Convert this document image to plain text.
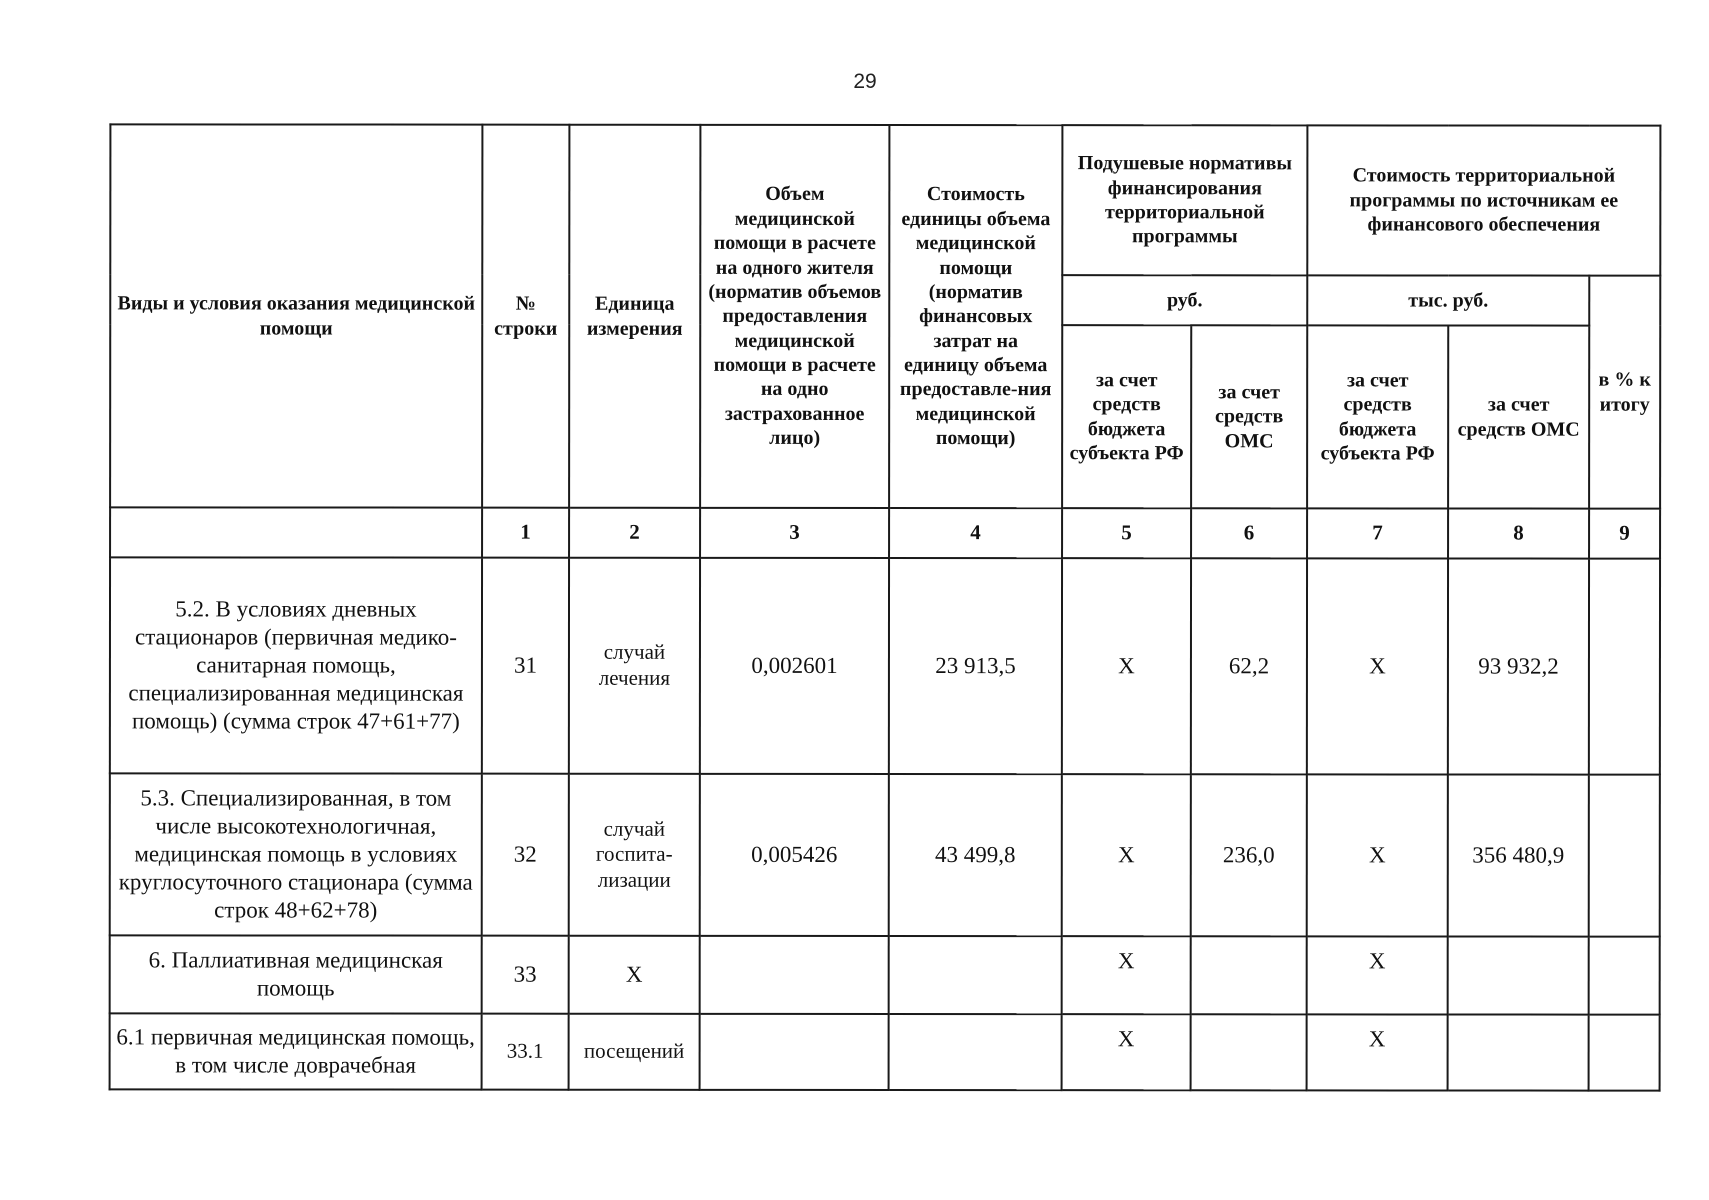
29
Виды и условия оказания медицинской помощи	№ строки	Единица измерения	Объем медицинской помощи в расчете на одного жителя (норматив объемов предоставления медицинской помощи в расчете на одно застрахованное лицо)	Стоимость единицы объема медицинской помощи (норматив финансовых затрат на единицу объема предоставле-ния медицинской помощи)	Подушевые нормативы финансирования территориальной программы		Стоимость территориальной программы по источникам ее финансового обеспечения		
					руб.		тыс. руб.		в % к итогу
					за счет средств бюджета субъекта РФ	за счет средств ОМС	за счет средств бюджета субъекта РФ	за счет средств ОМС	
	1	2	3	4	5	6	7	8	9
5.2. В условиях дневных стационаров (первичная медико-санитарная помощь, специализированная медицинская помощь) (сумма строк 47+61+77)	31	случай лечения	0,002601	23 913,5	X	62,2	X	93 932,2	
5.3. Специализированная, в том числе высокотехнологичная, медицинская помощь в условиях круглосуточного стационара (сумма строк 48+62+78)	32	случай госпита-лизации	0,005426	43 499,8	X	236,0	X	356 480,9	
6. Паллиативная медицинская помощь	33	X			X		X		
6.1 первичная медицинская помощь, в том числе доврачебная	33.1	посещений			X		X		
